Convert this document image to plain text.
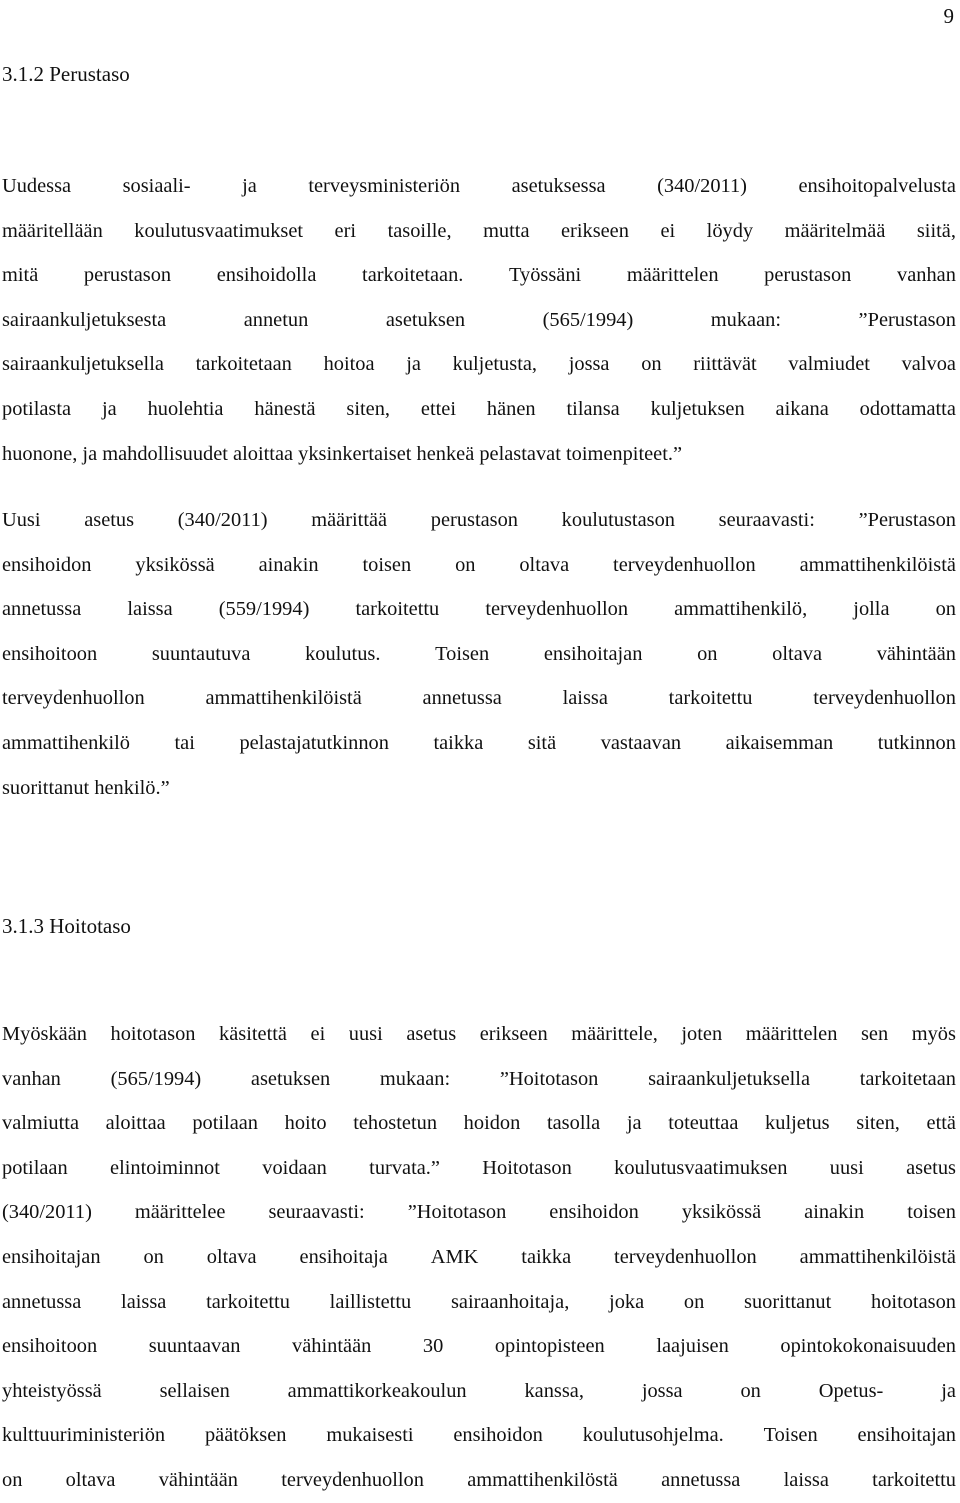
9
3.1.2 Perustaso
Uudessa	sosiaali-	ja	terveysministeriön	asetuksessa	(340/2011)	ensihoitopalvelusta
määritellään koulutusvaatimukset eri tasoille, mutta erikseen ei löydy määritelmää siitä,
mitä perustason ensihoidolla tarkoitetaan. Työssäni määrittelen perustason vanhan
sairaankuljetuksesta	annetun	asetuksen	(565/1994)	mukaan:	”Perustason
sairaankuljetuksella tarkoitetaan hoitoa ja kuljetusta, jossa on riittävät valmiudet valvoa
potilasta ja huolehtia hänestä siten, ettei hänen tilansa kuljetuksen aikana odottamatta
huonone, ja mahdollisuudet aloittaa yksinkertaiset henkeä pelastavat toimenpiteet.”
Uusi asetus (340/2011) määrittää perustason koulutustason seuraavasti: ”Perustason
ensihoidon yksikössä ainakin toisen on oltava terveydenhuollon ammattihenkilöistä
annetussa laissa (559/1994) tarkoitettu terveydenhuollon ammattihenkilö, jolla on
ensihoitoon	suuntautuva	koulutus.	Toisen	ensihoitajan	on	oltava	vähintään
terveydenhuollon	ammattihenkilöistä	annetussa	laissa	tarkoitettu	terveydenhuollon
ammattihenkilö tai pelastajatutkinnon taikka sitä vastaavan aikaisemman tutkinnon
suorittanut henkilö.”
3.1.3 Hoitotaso
Myöskään hoitotason käsitettä ei uusi asetus erikseen määrittele, joten määrittelen sen myös
vanhan (565/1994) asetuksen mukaan: ”Hoitotason sairaankuljetuksella tarkoitetaan
valmiutta aloittaa potilaan hoito tehostetun hoidon tasolla ja toteuttaa kuljetus siten, että
potilaan elintoiminnot voidaan turvata.” Hoitotason koulutusvaatimuksen uusi asetus
(340/2011) määrittelee seuraavasti: ”Hoitotason ensihoidon yksikössä ainakin toisen
ensihoitajan on oltava ensihoitaja AMK taikka terveydenhuollon ammattihenkilöistä
annetussa laissa tarkoitettu laillistettu sairaanhoitaja, joka on suorittanut hoitotason
ensihoitoon	suuntaavan	vähintään	30	opintopisteen	laajuisen	opintokokonaisuuden
yhteistyössä	sellaisen	ammattikorkeakoulun	kanssa,	jossa	on	Opetus-	ja
kulttuuriministeriön päätöksen mukaisesti ensihoidon koulutusohjelma. Toisen ensihoitajan
on oltava vähintään terveydenhuollon ammattihenkilöstä annetussa laissa tarkoitettu
